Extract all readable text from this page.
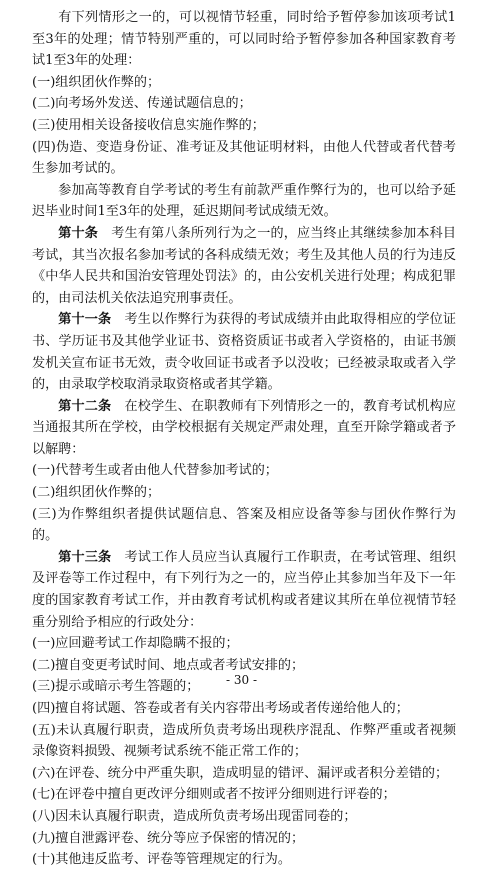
有下列情形之一的，可以视情节轻重，同时给予暂停参加该项考试1至3年的处理；情节特别严重的，可以同时给予暂停参加各种国家教育考试1至3年的处理：

(一)组织团伙作弊的；

(二)向考场外发送、传递试题信息的；

(三)使用相关设备接收信息实施作弊的；

(四)伪造、变造身份证、准考证及其他证明材料，由他人代替或者代替考生参加考试的。

参加高等教育自学考试的考生有前款严重作弊行为的，也可以给予延迟毕业时间1至3年的处理，延迟期间考试成绩无效。

第十条　考生有第八条所列行为之一的，应当终止其继续参加本科目考试，其当次报名参加考试的各科成绩无效；考生及其他人员的行为违反《中华人民共和国治安管理处罚法》的，由公安机关进行处理；构成犯罪的，由司法机关依法追究刑事责任。

第十一条　考生以作弊行为获得的考试成绩并由此取得相应的学位证书、学历证书及其他学业证书、资格资质证书或者入学资格的，由证书颁发机关宣布证书无效，责令收回证书或者予以没收；已经被录取或者入学的，由录取学校取消录取资格或者其学籍。

第十二条　在校学生、在职教师有下列情形之一的，教育考试机构应当通报其所在学校，由学校根据有关规定严肃处理，直至开除学籍或者予以解聘：

(一)代替考生或者由他人代替参加考试的；

(二)组织团伙作弊的；

(三)为作弊组织者提供试题信息、答案及相应设备等参与团伙作弊行为的。

第十三条　考试工作人员应当认真履行工作职责，在考试管理、组织及评卷等工作过程中，有下列行为之一的，应当停止其参加当年及下一年度的国家教育考试工作，并由教育考试机构或者建议其所在单位视情节轻重分别给予相应的行政处分：

(一)应回避考试工作却隐瞒不报的；

(二)擅自变更考试时间、地点或者考试安排的；

(三)提示或暗示考生答题的；

(四)擅自将试题、答卷或者有关内容带出考场或者传递给他人的；

(五)未认真履行职责，造成所负责考场出现秩序混乱、作弊严重或者视频录像资料损毁、视频考试系统不能正常工作的；

(六)在评卷、统分中严重失职，造成明显的错评、漏评或者积分差错的；

(七)在评卷中擅自更改评分细则或者不按评分细则进行评卷的；

(八)因未认真履行职责，造成所负责考场出现雷同卷的；

(九)擅自泄露评卷、统分等应予保密的情况的；

(十)其他违反监考、评卷等管理规定的行为。

- 30 -
